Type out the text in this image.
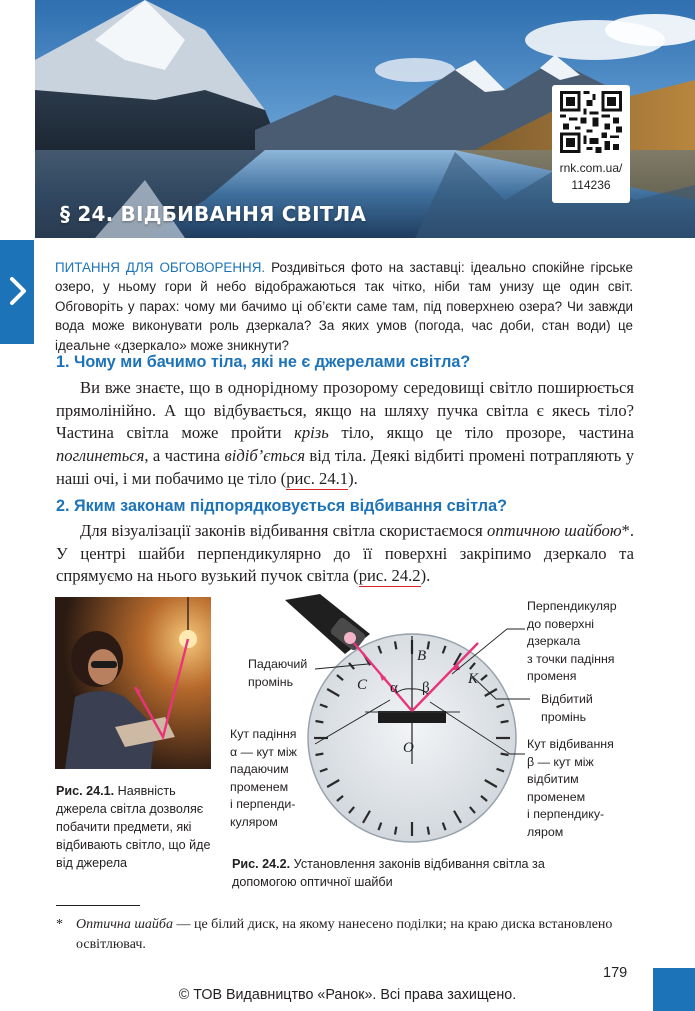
§ 24. ВІДБИВАННЯ СВІТЛА
rnk.com.ua/
114236
ПИТАННЯ ДЛЯ ОБГОВОРЕННЯ. Роздивіться фото на заставці: ідеально спокійне гірське озеро, у ньому гори й небо відображаються так чітко, ніби там унизу ще один світ. Обговоріть у парах: чому ми бачимо ці об’єкти саме там, під поверхнею озера? Чи завжди вода може виконувати роль дзеркала? За яких умов (погода, час доби, стан води) це ідеальне «дзеркало» може зникнути?
1. Чому ми бачимо тіла, які не є джерелами світла?
Ви вже знаєте, що в однорідному прозорому середовищі світло поширюється прямолінійно. А що відбувається, якщо на шляху пучка світла є якесь тіло? Частина світла може пройти крізь тіло, якщо це тіло прозоре, частина поглинеться, а частина відіб’ється від тіла. Деякі відбиті промені потрапляють у наші очі, і ми побачимо це тіло (рис. 24.1).
2. Яким законам підпорядковується відбивання світла?
Для візуалізації законів відбивання світла скористаємося оптичною шайбою*. У центрі шайби перпендикулярно до її поверхні закріпимо дзеркало та спрямуємо на нього вузький пучок світла (рис. 24.2).
Рис. 24.1. Наявність джерела світла дозволяє побачити предмети, які відбивають світло, що йде від джерела
B
C	K
O
α β
Перпендикуляр
до поверхні
дзеркала
з точки падіння
променя
Падаючий
промінь
Відбитий
промінь
Кут падіння
α — кут між
падаючим
променем
і перпенди-
куляром
Кут відбивання
β — кут між
відбитим
променем
і перпендику-
ляром
Рис. 24.2. Установлення законів відбивання світла за допомогою оптичної шайби
* Оптична шайба — це білий диск, на якому нанесено поділки; на краю диска встановлено освітлювач.
179
© ТОВ Видавництво «Ранок». Всі права захищено.
